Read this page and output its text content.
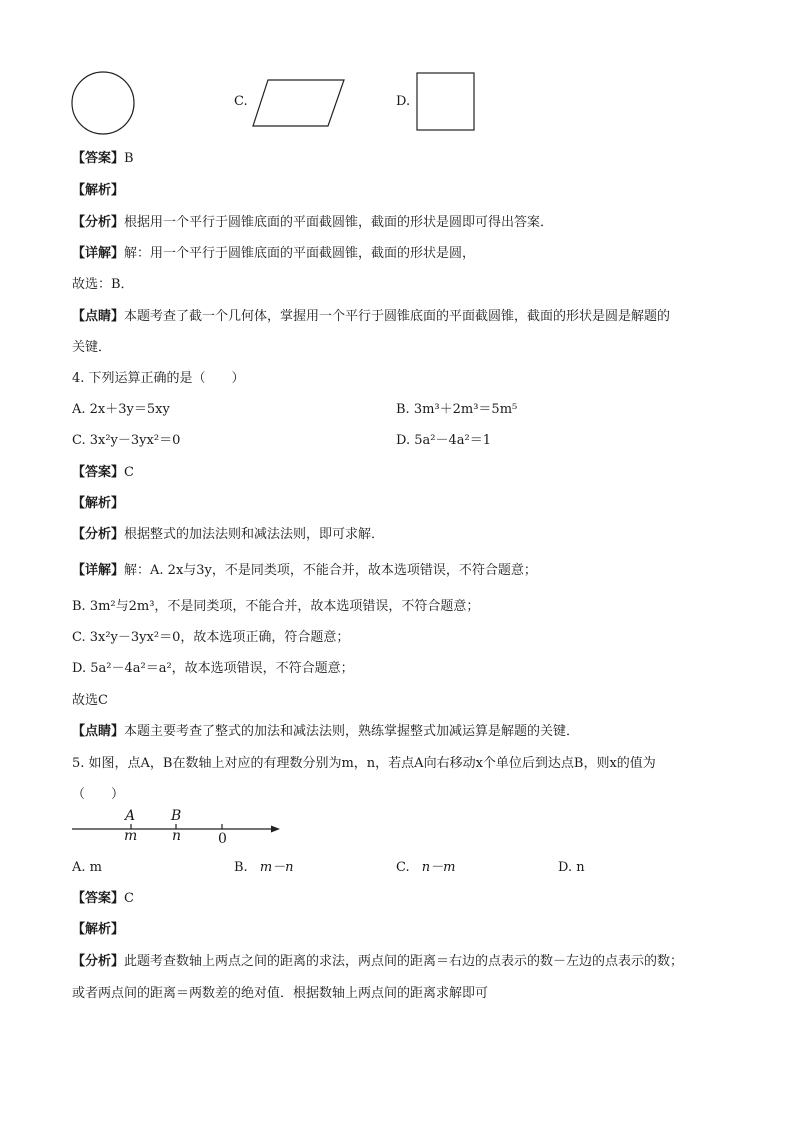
C.	D.
【答案】B
【解析】
【分析】根据用一个平行于圆锥底面的平面截圆锥，截面的形状是圆即可得出答案．
【详解】解：用一个平行于圆锥底面的平面截圆锥，截面的形状是圆，
故选：B．
【点睛】本题考查了截一个几何体，掌握用一个平行于圆锥底面的平面截圆锥，截面的形状是圆是解题的
关键．
4. 下列运算正确的是（　　）
A. 2x＋3y＝5xy	B. 3m³＋2m³＝5m⁵
C. 3x²y－3yx²＝0	D. 5a²－4a²＝1
【答案】C
【解析】
【分析】根据整式的加法法则和减法法则，即可求解．
【详解】解：A. 2x与3y，不是同类项，不能合并，故本选项错误，不符合题意；
B. 3m²与2m³，不是同类项，不能合并，故本选项错误，不符合题意；
C. 3x²y－3yx²＝0，故本选项正确，符合题意；
D. 5a²－4a²＝a²，故本选项错误，不符合题意；
故选C
【点睛】本题主要考查了整式的加法和减法法则，熟练掌握整式加减运算是解题的关键．
5. 如图，点A，B在数轴上对应的有理数分别为m，n，若点A向右移动x个单位后到达点B，则x的值为
（　　）
A	B
m n	0
A. m	B. m－n	C. n－m	D. n
【答案】C
【解析】
【分析】此题考查数轴上两点之间的距离的求法，两点间的距离＝右边的点表示的数－左边的点表示的数；
或者两点间的距离＝两数差的绝对值．根据数轴上两点间的距离求解即可
